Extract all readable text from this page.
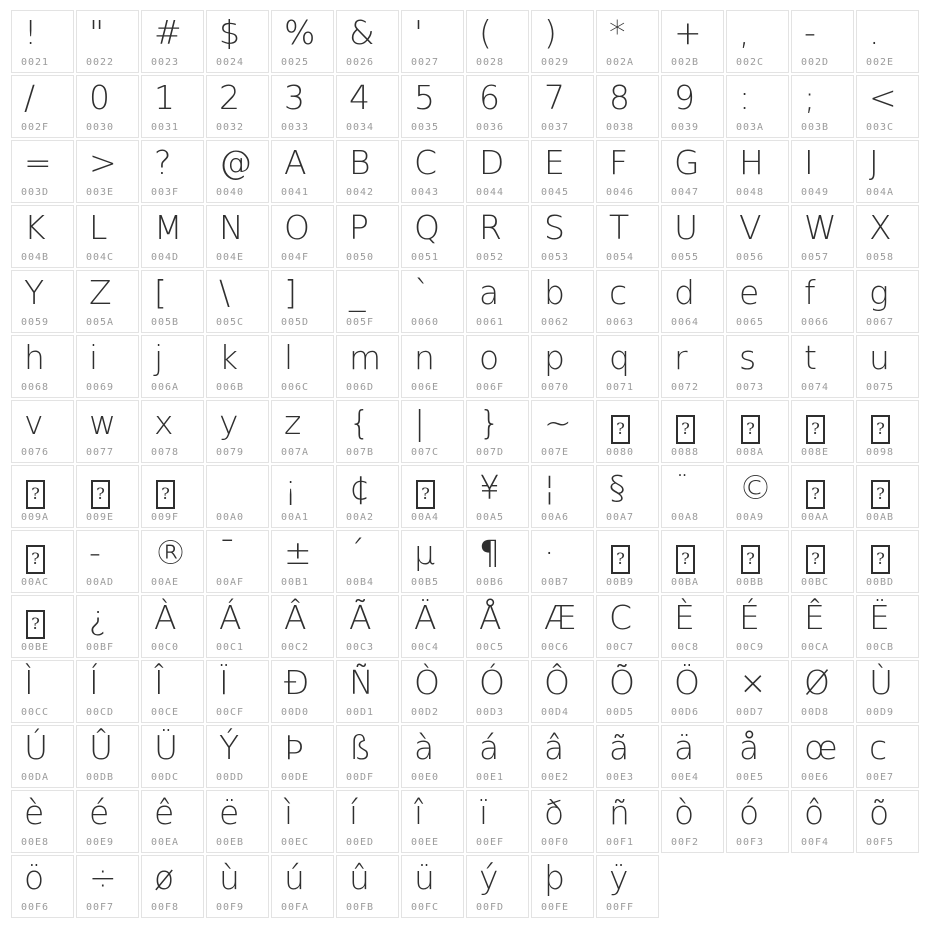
!
0021
"
0022
#
0023
$
0024
%
0025
&
0026
'
0027
(
0028
)
0029
*
002A
+
002B
,
002C
-
002D
.
002E
/
002F
0
0030
1
0031
2
0032
3
0033
4
0034
5
0035
6
0036
7
0037
8
0038
9
0039
:
003A
;
003B
<
003C
=
003D
>
003E
?
003F
@
0040
A
0041
B
0042
C
0043
D
0044
E
0045
F
0046
G
0047
H
0048
I
0049
J
004A
K
004B
L
004C
M
004D
N
004E
O
004F
P
0050
Q
0051
R
0052
S
0053
T
0054
U
0055
V
0056
W
0057
X
0058
Y
0059
Z
005A
[
005B
\
005C
]
005D
_
005F
`
0060
a
0061
b
0062
c
0063
d
0064
e
0065
f
0066
g
0067
h
0068
i
0069
j
006A
k
006B
l
006C
m
006D
n
006E
o
006F
p
0070
q
0071
r
0072
s
0073
t
0074
u
0075
v
0076
w
0077
x
0078
y
0079
z
007A
{
007B
|
007C
}
007D
~
007E
?
0080
?
0088
?
008A
?
008E
?
0098
?
009A
?
009E
?
009F	00A0
¡
00A1
¢
00A2
?
00A4
¥
00A5
¦
00A6
§
00A7
¨
00A8
©
00A9
?
00AA
?
00AB
?
00AC
-
00AD
®
00AE
¯
00AF
±
00B1
´
00B4
µ
00B5
¶
00B6
·
00B7
?
00B9
?
00BA
?
00BB
?
00BC
?
00BD
?
00BE
¿
00BF
À
00C0
Á
00C1
Â
00C2
Ã
00C3
Ä
00C4
Å
00C5
Æ
00C6
C
00C7
È
00C8
É
00C9
Ê
00CA
Ë
00CB
Ì
00CC
Í
00CD
Î
00CE
Ï
00CF
Ð
00D0
Ñ
00D1
Ò
00D2
Ó
00D3
Ô
00D4
Õ
00D5
Ö
00D6
×
00D7
Ø
00D8
Ù
00D9
Ú
00DA
Û
00DB
Ü
00DC
Ý
00DD
Þ
00DE
ß
00DF
à
00E0
á
00E1
â
00E2
ã
00E3
ä
00E4
å
00E5
œ
00E6
c
00E7
è
00E8
é
00E9
ê
00EA
ë
00EB
ì
00EC
í
00ED
î
00EE
ï
00EF
ð
00F0
ñ
00F1
ò
00F2
ó
00F3
ô
00F4
õ
00F5
ö
00F6
÷
00F7
ø
00F8
ù
00F9
ú
00FA
û
00FB
ü
00FC
ý
00FD
þ
00FE
ÿ
00FF
